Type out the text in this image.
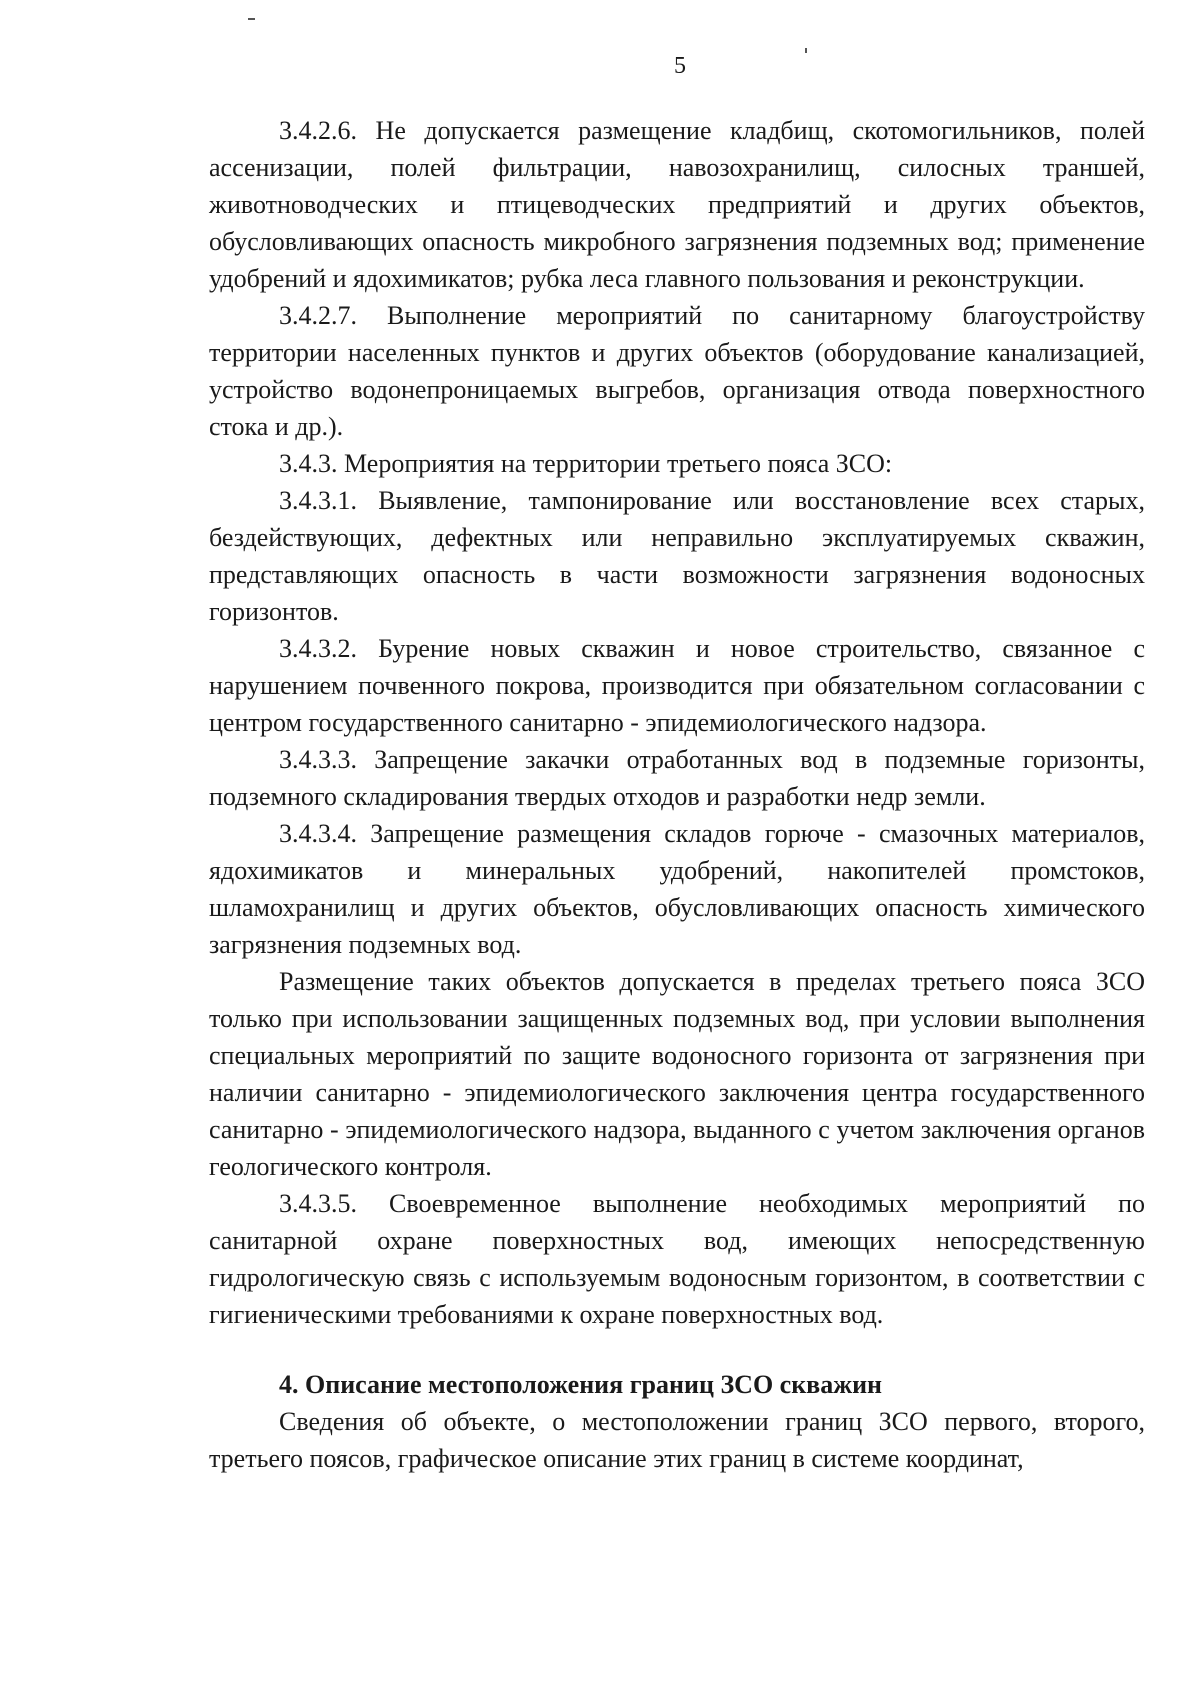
5

3.4.2.6. Не допускается размещение кладбищ, скотомогильников, полей ассенизации, полей фильтрации, навозохранилищ, силосных траншей, животноводческих и птицеводческих предприятий и других объектов, обусловливающих опасность микробного загрязнения подземных вод; применение удобрений и ядохимикатов; рубка леса главного пользования и реконструкции.

3.4.2.7. Выполнение мероприятий по санитарному благоустройству территории населенных пунктов и других объектов (оборудование канализацией, устройство водонепроницаемых выгребов, организация отвода поверхностного стока и др.).

3.4.3. Мероприятия на территории третьего пояса ЗСО:

3.4.3.1. Выявление, тампонирование или восстановление всех старых, бездействующих, дефектных или неправильно эксплуатируемых скважин, представляющих опасность в части возможности загрязнения водоносных горизонтов.

3.4.3.2. Бурение новых скважин и новое строительство, связанное с нарушением почвенного покрова, производится при обязательном согласовании с центром государственного санитарно - эпидемиологического надзора.

3.4.3.3. Запрещение закачки отработанных вод в подземные горизонты, подземного складирования твердых отходов и разработки недр земли.

3.4.3.4. Запрещение размещения складов горюче - смазочных материалов, ядохимикатов и минеральных удобрений, накопителей промстоков, шламохранилищ и других объектов, обусловливающих опасность химического загрязнения подземных вод.

Размещение таких объектов допускается в пределах третьего пояса ЗСО только при использовании защищенных подземных вод, при условии выполнения специальных мероприятий по защите водоносного горизонта от загрязнения при наличии санитарно - эпидемиологического заключения центра государственного санитарно - эпидемиологического надзора, выданного с учетом заключения органов геологического контроля.

3.4.3.5. Своевременное выполнение необходимых мероприятий по санитарной охране поверхностных вод, имеющих непосредственную гидрологическую связь с используемым водоносным горизонтом, в соответствии с гигиеническими требованиями к охране поверхностных вод.

4. Описание местоположения границ ЗСО скважин

Сведения об объекте, о местоположении границ ЗСО первого, второго, третьего поясов, графическое описание этих границ в системе координат,
